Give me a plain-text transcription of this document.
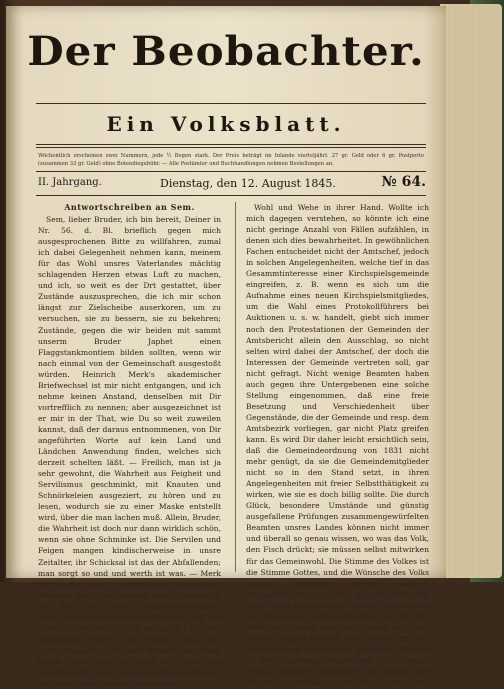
Der Beobachter.
Ein Volksblatt.
Wöchentlich erscheinen zwei Nummern, jede ½ Bogen stark. Der Preis beträgt im Inlande vierteljährl. 27 gr. Geld oder 6 gr. Postporto (zusammen 33 gr. Geld) ohne Botendiegebühr. — Alle Postämter und Buchhandlungen nehmen Bestellungen an.
II. Jahrgang.	Dienstag, den 12. August 1845.	№ 64.
Antwortschreiben an Sem.

Sem, lieber Bruder, ich bin bereit, Deiner in Nr. 56. d. Bl. brieflich gegen mich ausgesprochenen Bitte zu willfahren, zumal ich dabei Gelegenheit nehmen kann, meinem für das Wohl unsres Vaterlandes mächtig schlagenden Herzen etwas Luft zu machen, und ich, so weit es der Drt gestattet, über Zustände auszusprechen, die ich mir schon längst zur Zielscheibe auserkoren, um zu versuchen, sie zu bessern, sie zu bekehren; Zustände, gegen die wir beiden mit sammt unserm Bruder Japhet einen Flaggstankmontiem bilden sollten, wenn wir nach einmal von der Gemeinschaft ausgestoßt würden. Heinrich Merk's akademischer Briefwechsel ist mir nicht entgangen, und ich nehme keinen Anstand, denselben mit Dir vortrefflich zu nennen; aber ausgezeichnet ist er mir in der That, wie Du so weit zuweilen kannst, daß der daraus entnommenen, von Dir angeführten Worte auf kein Land und Ländchen Anwendung finden, welches sich derzeit schelten läßt. — Freilich, man ist ja sehr gewohnt, die Wahrheit aus Feigheit und Servilismus geschminkt, mit Knauten und Schnörkeleien ausgeziert, zu hören und zu lesen, wodurch sie zu einer Maske entstellt wird, über die man lachen muß. Allein, Bruder, die Wahrheit ist doch nur dann wirklich schön, wenn sie ohne Schminke ist. Die Servilen und Feigen mangen kindischerweise in unsre Zeitalter, ihr Schicksal ist das der Abfallenden; man sorgt so und und werth ist was. — Merk hat an dem von Dir angeführten Orte meiner Meinung nach die Wahrheit nackt hingestellt, und kein mit unsern Landesverhältnissen näher bekannter Mann wird läugnen, daß des Schriftstellers Worte auch auf unsre Ländchen Anwendung finden. Nun freilich kann man nicht behaupten, daß unsre Beamten die einzig freien Leute. Aber sie sind die Leute, die eigentlich das Land regieren, auf ihren Bericht muß man fußen, und am Ende steht

Wohl und Wehe in ihrer Hand. Wollte ich mich dagegen verstehen, so könnte ich eine nicht geringe Anzahl von Fällen aufzählen, in denen sich dies bewahrheitet. In gewöhnlichen Fachen entscheidet nicht der Amtschef, jedoch in solchen Angelegenheiten, welche tief in das Gesammtinteresse einer Kirchspielsgemeinde eingreifen, z. B. wenn es sich um die Aufnahme eines neuen Kirchspielsmitgliedes, um die Wahl eines Protokollführers bei Auktionen u. s. w. handelt, giebt sich immer noch den Protestationen der Gemeinden der Amtsbericht allein den Ausschlag, so nicht selten wird dabei der Amtschef, der doch die Interessen der Gemeinde vertreten soll, gar nicht gefragt. Nicht wenige Beamten haben auch gegen ihre Untergebenen eine solche Stellung eingenommen, daß eine freie Besetzung und Verschiedenheit über Gegenstände, die der Gemeinde und resp. dem Amtsbezirk vorliegen, gar nicht Platz greifen kann. Es wird Dir daher leicht ersichtlich sein, daß die Gemeindeordnung von 1831 nicht mehr genügt, da sie die Gemeindemitglieder nicht so in den Stand setzt, in ihren Angelegenheiten mit freier Selbstthätigkeit zu wirken, wie sie es doch billig sollte. Die durch Glück, besondere Umstände und günstig ausgefallene Prüfungen zusammengewürfelten Beamten unsres Landes können nicht immer und überall so genau wissen, wo was das Volk, den Fisch drückt; sie müssen selbst mitwirken für das Gemeinwohl. Die Stimme des Volkes ist die Stimme Gottes, und die Wünsche des Volks müssen diejenigen gelernt machen. Wenngleich es sich nicht leugnen läßt, daß unser Land sehr tüchtige Männer aufzuweisen hat, die beste Stellen bekleiden und die das Wohl des Volkes wie ihr eigenes im Auge haben, so giebt es doch auch manche mit den mannigfachen Ränken und geistigen Mängeln in den Landesangelegenheiten nicht genau genug bekannte Staatsdiener, die indem ihre Stellung zu verkennen scheinen, und dies weit
